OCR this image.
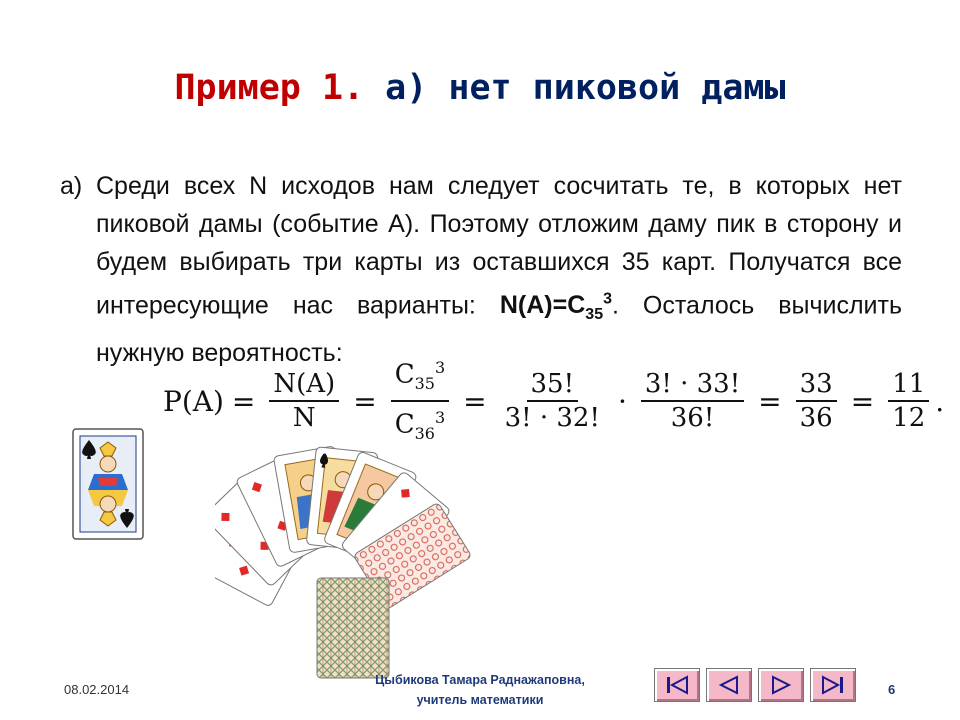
Пример 1. а) нет пиковой дамы
а) Среди всех N исходов нам следует сосчитать те, в которых нет пиковой дамы (событие А). Поэтому отложим даму пик в сторону и будем выбирать три карты из оставшихся 35 карт. Получатся все интересующие нас варианты: $N(A)=C_{35}^3$. Осталось вычислить нужную вероятность:
$P(A) = \frac{N(A)}{N} = \frac{C_{35}^3}{C_{36}^3} = \frac{35!}{3! \cdot 32!} \cdot \frac{3! \cdot 33!}{36!} = \frac{33}{36} = \frac{11}{12}$ .
08.02.2014
Цыбикова Тамара Раднажаповна,
учитель математики
6
